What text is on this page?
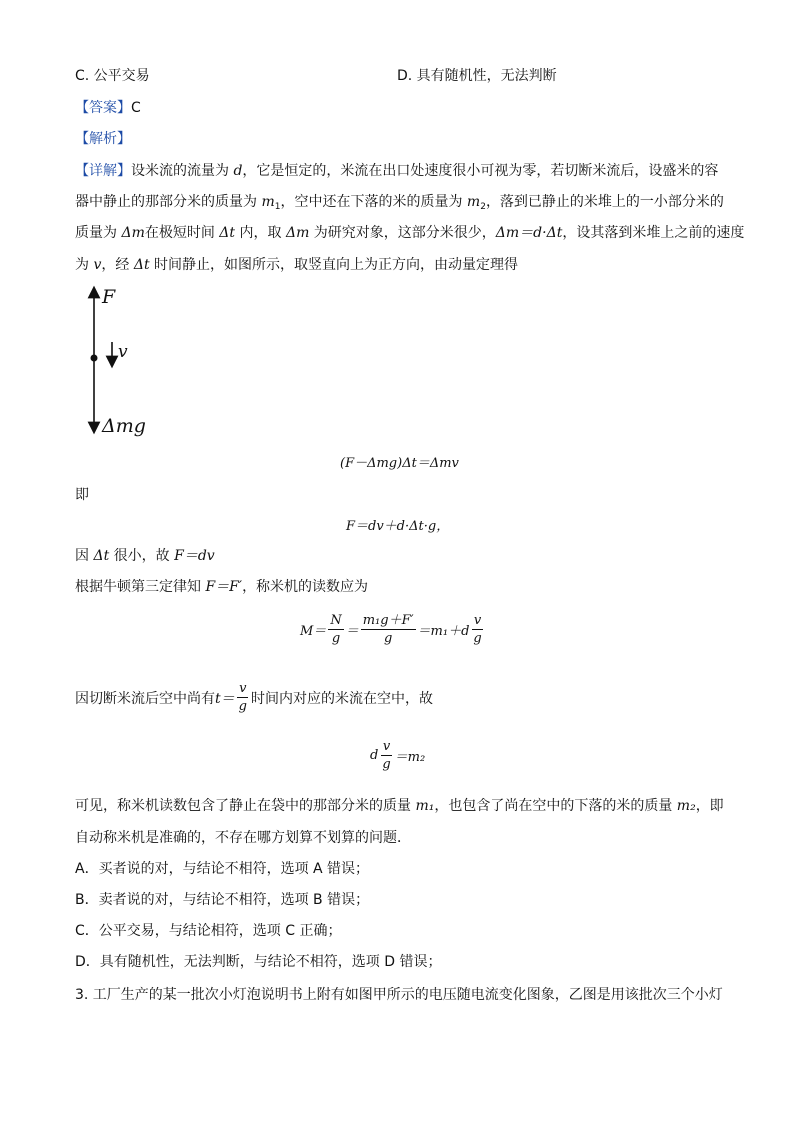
C. 公平交易	D. 具有随机性，无法判断
【答案】C
【解析】
【详解】设米流的流量为 d，它是恒定的，米流在出口处速度很小可视为零，若切断米流后，设盛米的容
器中静止的那部分米的质量为 $m_1$，空中还在下落的米的质量为 $m_2$，落到已静止的米堆上的一小部分米的
质量为 Δm在极短时间 Δt 内，取 Δm 为研究对象，这部分米很少，Δm＝d·Δt，设其落到米堆上之前的速度
为 v，经 Δt 时间静止，如图所示，取竖直向上为正方向，由动量定理得
F
v
Δmg
(F－Δmg)Δt＝Δmv
即
F＝dv＋d·Δt·g，
因 Δt 很小，故 F＝dv
根据牛顿第三定律知 F＝F′，称米机的读数应为
$M= \frac{N}{g} = \frac{\text{m₁g＋F′}}{g} =m_1+d \frac{v}{g}$
因切断米流后空中尚有 $t= \frac{v}{g}$ 时间内对应的米流在空中，故
d $\frac{v}{g} =m_2$
可见，称米机读数包含了静止在袋中的那部分米的质量 m₁，也包含了尚在空中的下落的米的质量 m₂，即
自动称米机是准确的，不存在哪方划算不划算的问题．
A．买者说的对，与结论不相符，选项 A 错误；
B．卖者说的对，与结论不相符，选项 B 错误；
C．公平交易，与结论相符，选项 C 正确；
D．具有随机性，无法判断，与结论不相符，选项 D 错误；
3. 工厂生产的某一批次小灯泡说明书上附有如图甲所示的电压随电流变化图象，乙图是用该批次三个小灯
